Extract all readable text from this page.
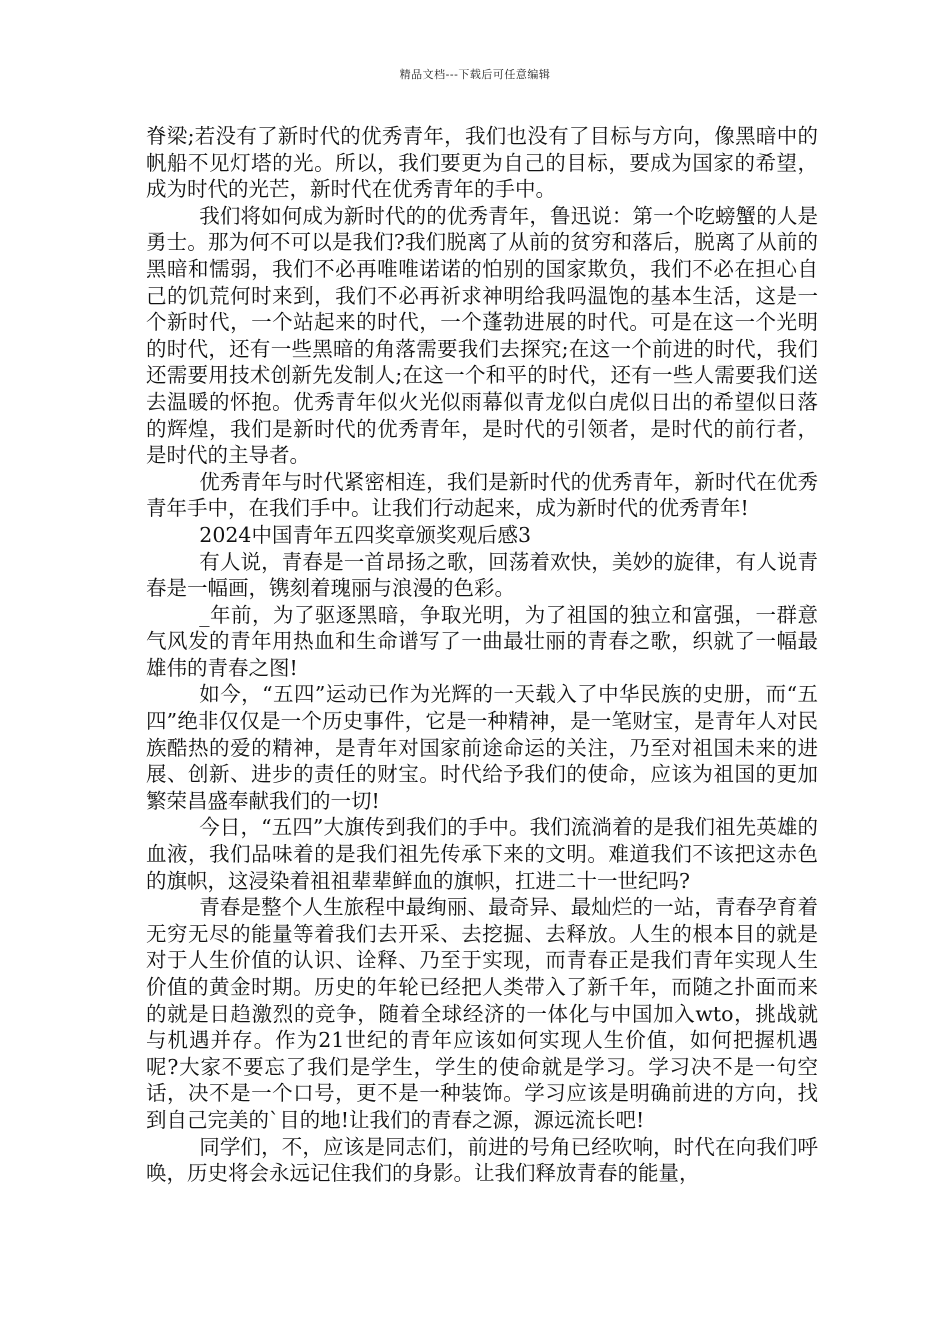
精品文档---下载后可任意编辑

脊梁;若没有了新时代的优秀青年，我们也没有了目标与方向，像黑暗中的帆船不见灯塔的光。所以，我们要更为自己的目标，要成为国家的希望，成为时代的光芒，新时代在优秀青年的手中。

我们将如何成为新时代的的优秀青年，鲁迅说：第一个吃螃蟹的人是勇士。那为何不可以是我们?我们脱离了从前的贫穷和落后，脱离了从前的黑暗和懦弱，我们不必再唯唯诺诺的怕别的国家欺负，我们不必在担心自己的饥荒何时来到，我们不必再祈求神明给我吗温饱的基本生活，这是一个新时代，一个站起来的时代，一个蓬勃进展的时代。可是在这一个光明的时代，还有一些黑暗的角落需要我们去探究;在这一个前进的时代，我们还需要用技术创新先发制人;在这一个和平的时代，还有一些人需要我们送去温暖的怀抱。优秀青年似火光似雨幕似青龙似白虎似日出的希望似日落的辉煌，我们是新时代的优秀青年，是时代的引领者，是时代的前行者，是时代的主导者。

优秀青年与时代紧密相连，我们是新时代的优秀青年，新时代在优秀青年手中，在我们手中。让我们行动起来，成为新时代的优秀青年!

2024中国青年五四奖章颁奖观后感3

有人说，青春是一首昂扬之歌，回荡着欢快，美妙的旋律，有人说青春是一幅画，镌刻着瑰丽与浪漫的色彩。

_年前，为了驱逐黑暗，争取光明，为了祖国的独立和富强，一群意气风发的青年用热血和生命谱写了一曲最壮丽的青春之歌，织就了一幅最雄伟的青春之图!

如今，“五四”运动已作为光辉的一天载入了中华民族的史册，而“五四”绝非仅仅是一个历史事件，它是一种精神，是一笔财宝，是青年人对民族酷热的爱的精神，是青年对国家前途命运的关注，乃至对祖国未来的进展、创新、进步的责任的财宝。时代给予我们的使命，应该为祖国的更加繁荣昌盛奉献我们的一切!

今日，“五四”大旗传到我们的手中。我们流淌着的是我们祖先英雄的血液，我们品味着的是我们祖先传承下来的文明。难道我们不该把这赤色的旗帜，这浸染着祖祖辈辈鲜血的旗帜，扛进二十一世纪吗?

青春是整个人生旅程中最绚丽、最奇异、最灿烂的一站，青春孕育着无穷无尽的能量等着我们去开采、去挖掘、去释放。人生的根本目的就是对于人生价值的认识、诠释、乃至于实现，而青春正是我们青年实现人生价值的黄金时期。历史的年轮已经把人类带入了新千年，而随之扑面而来的就是日趋激烈的竞争，随着全球经济的一体化与中国加入wto，挑战就与机遇并存。作为21世纪的青年应该如何实现人生价值，如何把握机遇呢?大家不要忘了我们是学生，学生的使命就是学习。学习决不是一句空话，决不是一个口号，更不是一种装饰。学习应该是明确前进的方向，找到自己完美的`目的地!让我们的青春之源，源远流长吧!

同学们，不，应该是同志们，前进的号角已经吹响，时代在向我们呼唤，历史将会永远记住我们的身影。让我们释放青春的能量，
